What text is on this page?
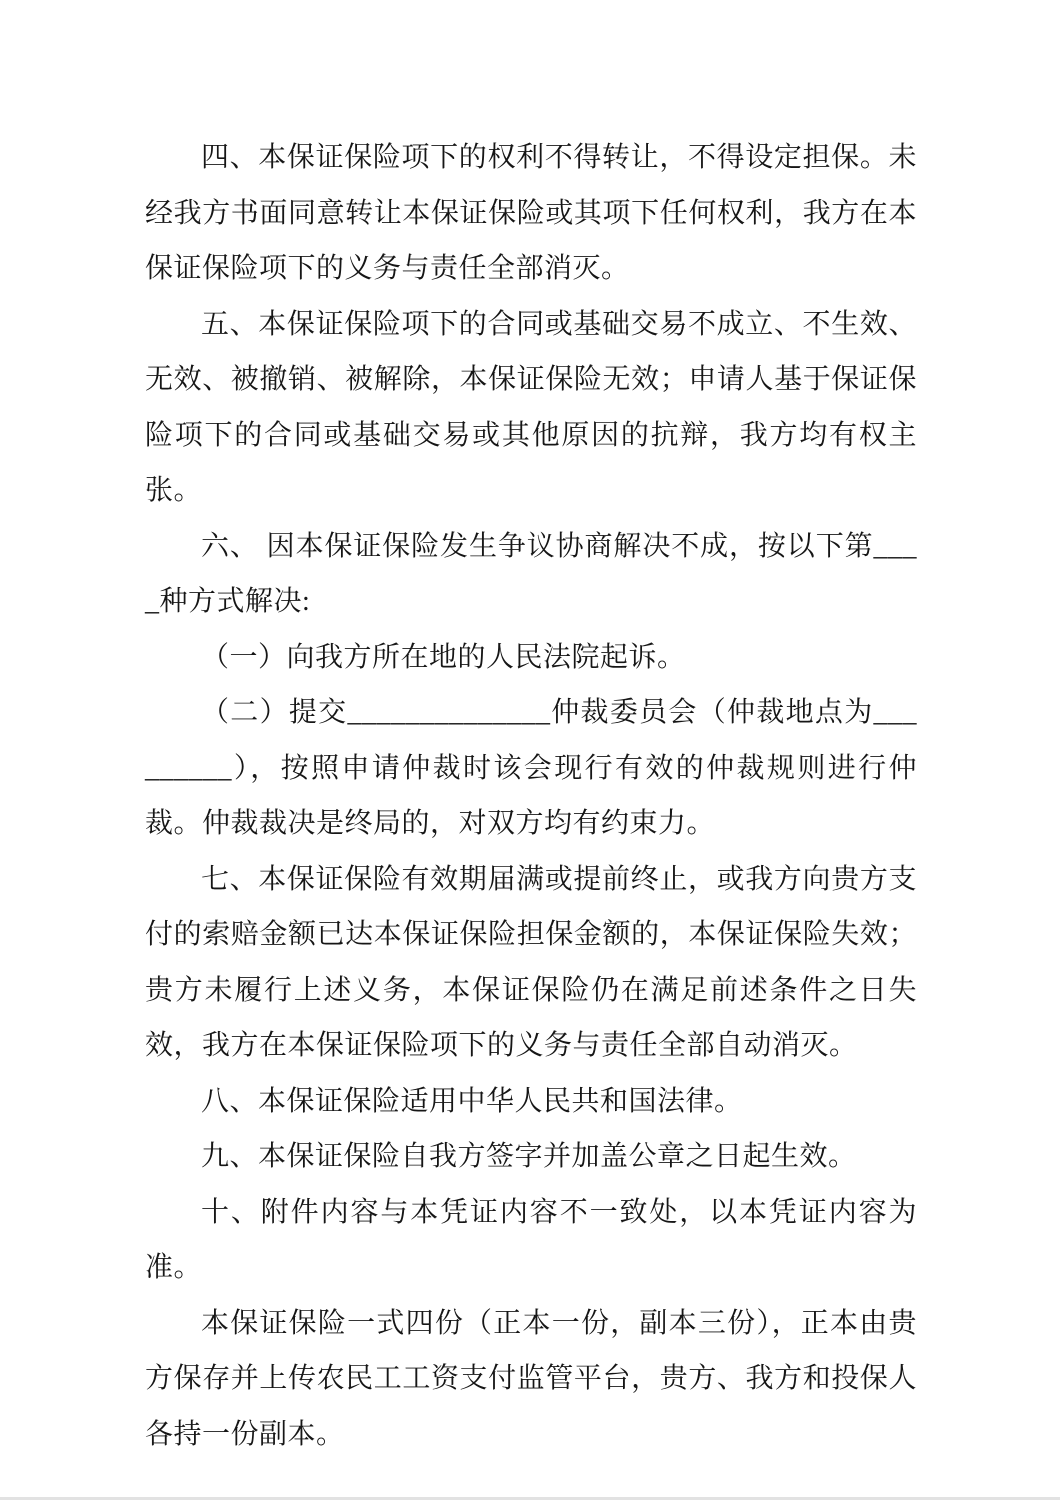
四、本保证保险项下的权利不得转让，不得设定担保。未经我方书面同意转让本保证保险或其项下任何权利，我方在本保证保险项下的义务与责任全部消灭。

五、本保证保险项下的合同或基础交易不成立、不生效、无效、被撤销、被解除，本保证保险无效；申请人基于保证保险项下的合同或基础交易或其他原因的抗辩，我方均有权主张。

六、 因本保证保险发生争议协商解决不成，按以下第____种方式解决:

（一）向我方所在地的人民法院起诉。

（二）提交______________仲裁委员会（仲裁地点为_________），按照申请仲裁时该会现行有效的仲裁规则进行仲裁。仲裁裁决是终局的，对双方均有约束力。

七、本保证保险有效期届满或提前终止，或我方向贵方支付的索赔金额已达本保证保险担保金额的，本保证保险失效；贵方未履行上述义务，本保证保险仍在满足前述条件之日失效，我方在本保证保险项下的义务与责任全部自动消灭。

八、本保证保险适用中华人民共和国法律。

九、本保证保险自我方签字并加盖公章之日起生效。

十、附件内容与本凭证内容不一致处，以本凭证内容为准。

本保证保险一式四份（正本一份，副本三份），正本由贵方保存并上传农民工工资支付监管平台，贵方、我方和投保人各持一份副本。
